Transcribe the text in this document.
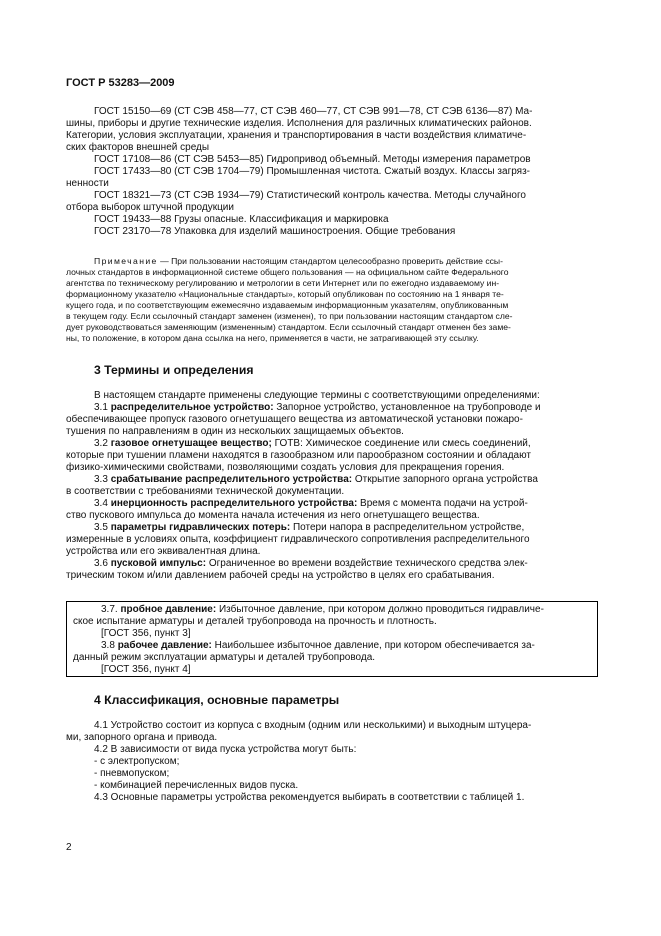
ГОСТ Р 53283—2009
ГОСТ 15150—69 (СТ СЭВ 458—77, СТ СЭВ 460—77, СТ СЭВ 991—78, СТ СЭВ 6136—87) Ма-
шины, приборы и другие технические изделия. Исполнения для различных климатических районов.
Категории, условия эксплуатации, хранения и транспортирования в части воздействия климатиче-
ских факторов внешней среды
ГОСТ 17108—86 (СТ СЭВ 5453—85) Гидропривод объемный. Методы измерения параметров
ГОСТ 17433—80 (СТ СЭВ 1704—79) Промышленная чистота. Сжатый воздух. Классы загряз-
ненности
ГОСТ 18321—73 (СТ СЭВ 1934—79) Статистический контроль качества. Методы случайного
отбора выборок штучной продукции
ГОСТ 19433—88 Грузы опасные. Классификация и маркировка
ГОСТ 23170—78 Упаковка для изделий машиностроения. Общие требования
Примечание — При пользовании настоящим стандартом целесообразно проверить действие ссы-
лочных стандартов в информационной системе общего пользования — на официальном сайте Федерального
агентства по техническому регулированию и метрологии в сети Интернет или по ежегодно издаваемому ин-
формационному указателю «Национальные стандарты», который опубликован по состоянию на 1 января те-
кущего года, и по соответствующим ежемесячно издаваемым информационным указателям, опубликованным
в текущем году. Если ссылочный стандарт заменен (изменен), то при пользовании настоящим стандартом сле-
дует руководствоваться заменяющим (измененным) стандартом. Если ссылочный стандарт отменен без заме-
ны, то положение, в котором дана ссылка на него, применяется в части, не затрагивающей эту ссылку.
3 Термины и определения
В настоящем стандарте применены следующие термины с соответствующими определениями:
3.1 распределительное устройство: Запорное устройство, установленное на трубопроводе и
обеспечивающее пропуск газового огнетушащего вещества из автоматической установки пожаро-
тушения по направлениям в один из нескольких защищаемых объектов.
3.2 газовое огнетушащее вещество; ГОТВ: Химическое соединение или смесь соединений,
которые при тушении пламени находятся в газообразном или парообразном состоянии и обладают
физико-химическими свойствами, позволяющими создать условия для прекращения горения.
3.3 срабатывание распределительного устройства: Открытие запорного органа устройства
в соответствии с требованиями технической документации.
3.4 инерционность распределительного устройства: Время с момента подачи на устрой-
ство пускового импульса до момента начала истечения из него огнетушащего вещества.
3.5 параметры гидравлических потерь: Потери напора в распределительном устройстве,
измеренные в условиях опыта, коэффициент гидравлического сопротивления распределительного
устройства или его эквивалентная длина.
3.6 пусковой импульс: Ограниченное во времени воздействие технического средства элек-
трическим током и/или давлением рабочей среды на устройство в целях его срабатывания.
3.7. пробное давление: Избыточное давление, при котором должно проводиться гидравличе-
ское испытание арматуры и деталей трубопровода на прочность и плотность.
[ГОСТ 356, пункт 3]
3.8 рабочее давление: Наибольшее избыточное давление, при котором обеспечивается за-
данный режим эксплуатации арматуры и деталей трубопровода.
[ГОСТ 356, пункт 4]
4 Классификация, основные параметры
4.1 Устройство состоит из корпуса с входным (одним или несколькими) и выходным штуцера-
ми, запорного органа и привода.
4.2 В зависимости от вида пуска устройства могут быть:
- с электропуском;
- пневмопуском;
- комбинацией перечисленных видов пуска.
4.3 Основные параметры устройства рекомендуется выбирать в соответствии с таблицей 1.
2
